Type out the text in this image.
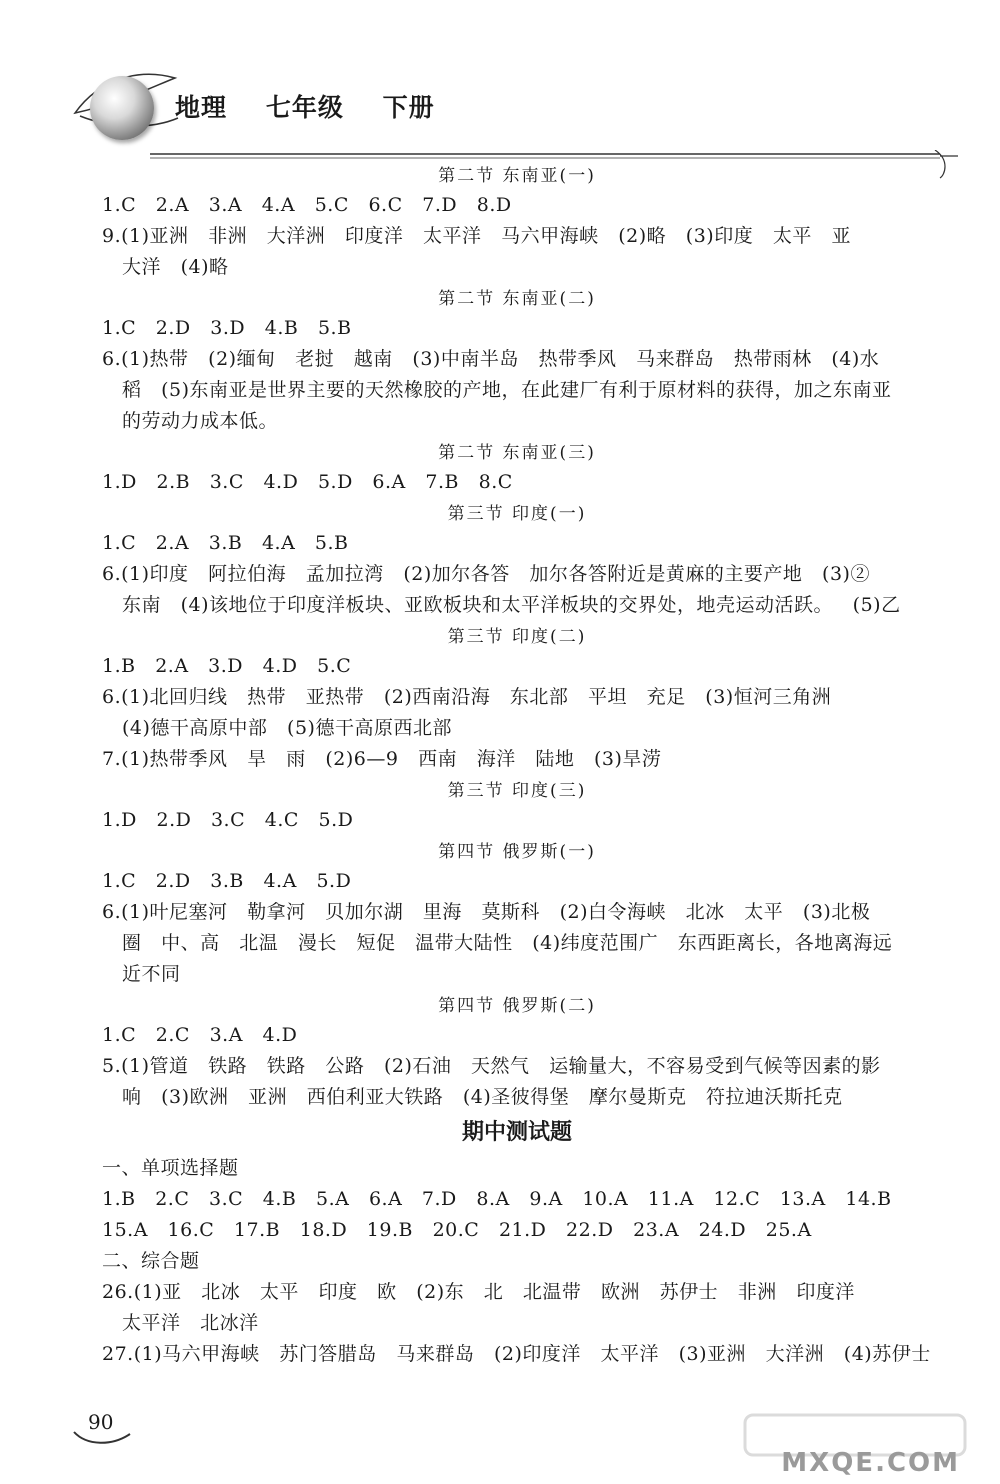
地理    七年级    下册
第二节 东南亚(一)
1.C   2.A   3.A   4.A   5.C   6.C   7.D   8.D
9.(1)亚洲   非洲   大洋洲   印度洋   太平洋   马六甲海峡   (2)略   (3)印度   太平   亚
大洋   (4)略
第二节 东南亚(二)
1.C   2.D   3.D   4.B   5.B
6.(1)热带   (2)缅甸   老挝   越南   (3)中南半岛   热带季风   马来群岛   热带雨林   (4)水
稻   (5)东南亚是世界主要的天然橡胶的产地，在此建厂有利于原材料的获得，加之东南亚
的劳动力成本低。
第二节 东南亚(三)
1.D   2.B   3.C   4.D   5.D   6.A   7.B   8.C
第三节 印度(一)
1.C   2.A   3.B   4.A   5.B
6.(1)印度   阿拉伯海   孟加拉湾   (2)加尔各答   加尔各答附近是黄麻的主要产地   (3)②
东南   (4)该地位于印度洋板块、亚欧板块和太平洋板块的交界处，地壳运动活跃。   (5)乙
第三节 印度(二)
1.B   2.A   3.D   4.D   5.C
6.(1)北回归线   热带   亚热带   (2)西南沿海   东北部   平坦   充足   (3)恒河三角洲
(4)德干高原中部   (5)德干高原西北部
7.(1)热带季风   旱   雨   (2)6—9   西南   海洋   陆地   (3)旱涝
第三节 印度(三)
1.D   2.D   3.C   4.C   5.D
第四节 俄罗斯(一)
1.C   2.D   3.B   4.A   5.D
6.(1)叶尼塞河   勒拿河   贝加尔湖   里海   莫斯科   (2)白令海峡   北冰   太平   (3)北极
圈   中、高   北温   漫长   短促   温带大陆性   (4)纬度范围广   东西距离长，各地离海远
近不同
第四节 俄罗斯(二)
1.C   2.C   3.A   4.D
5.(1)管道   铁路   铁路   公路   (2)石油   天然气   运输量大，不容易受到气候等因素的影
响   (3)欧洲   亚洲   西伯利亚大铁路   (4)圣彼得堡   摩尔曼斯克   符拉迪沃斯托克
期中测试题
一、单项选择题
1.B   2.C   3.C   4.B   5.A   6.A   7.D   8.A   9.A   10.A   11.A   12.C   13.A   14.B
15.A   16.C   17.B   18.D   19.B   20.C   21.D   22.D   23.A   24.D   25.A
二、综合题
26.(1)亚   北冰   太平   印度   欧   (2)东   北   北温带   欧洲   苏伊士   非洲   印度洋
太平洋   北冰洋
27.(1)马六甲海峡   苏门答腊岛   马来群岛   (2)印度洋   太平洋   (3)亚洲   大洋洲   (4)苏伊士
90
MXQE.COM
